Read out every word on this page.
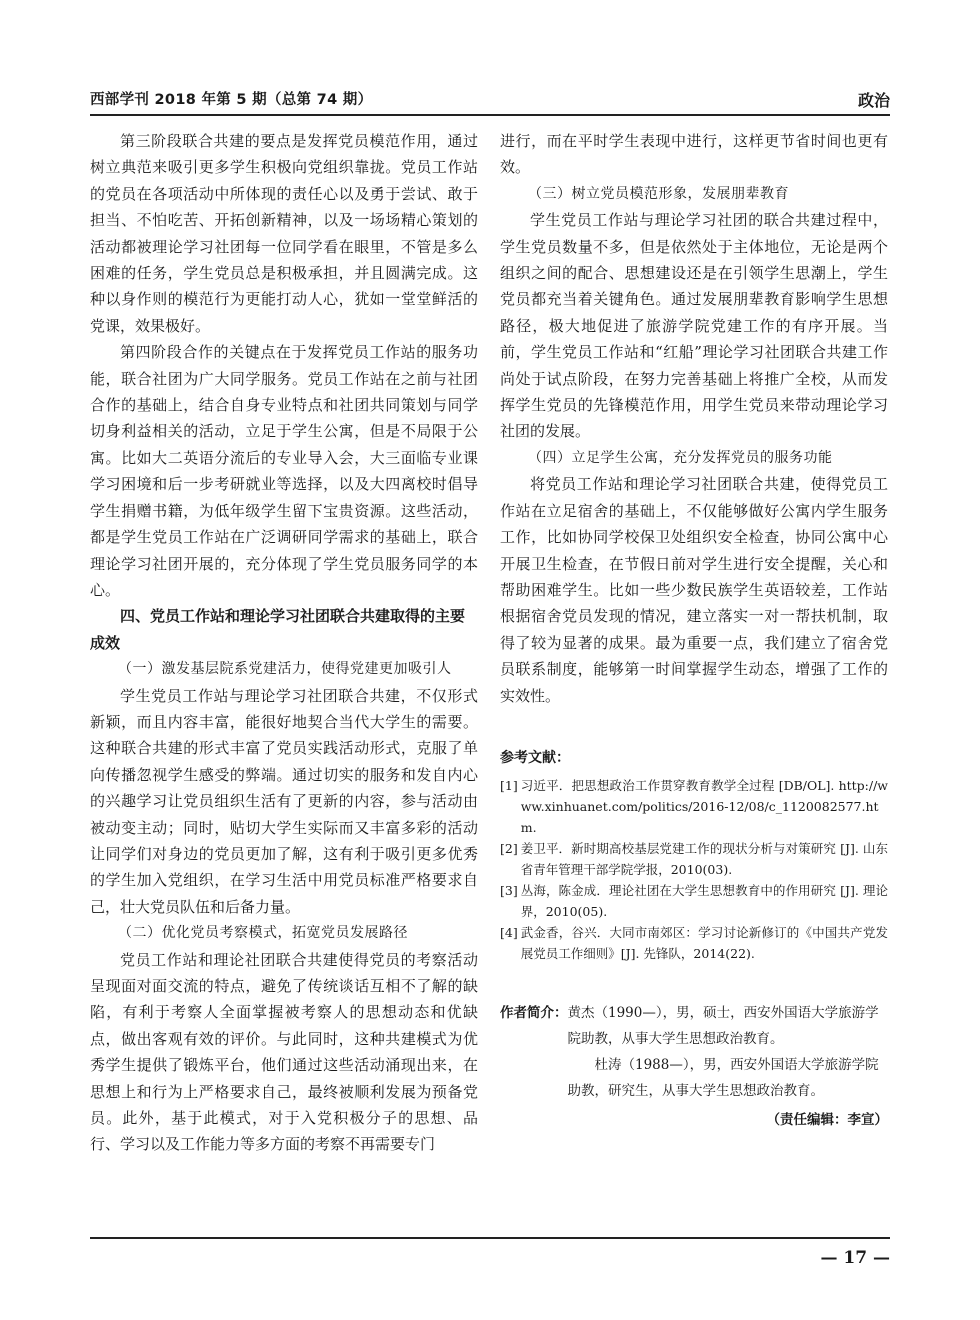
西部学刊 2018 年第 5 期（总第 74 期）	政治

第三阶段联合共建的要点是发挥党员模范作用，通过树立典范来吸引更多学生积极向党组织靠拢。党员工作站的党员在各项活动中所体现的责任心以及勇于尝试、敢于担当、不怕吃苦、开拓创新精神，以及一场场精心策划的活动都被理论学习社团每一位同学看在眼里，不管是多么困难的任务，学生党员总是积极承担，并且圆满完成。这种以身作则的模范行为更能打动人心，犹如一堂堂鲜活的党课，效果极好。

第四阶段合作的关键点在于发挥党员工作站的服务功能，联合社团为广大同学服务。党员工作站在之前与社团合作的基础上，结合自身专业特点和社团共同策划与同学切身利益相关的活动，立足于学生公寓，但是不局限于公寓。比如大二英语分流后的专业导入会，大三面临专业课学习困境和后一步考研就业等选择，以及大四离校时倡导学生捐赠书籍，为低年级学生留下宝贵资源。这些活动，都是学生党员工作站在广泛调研同学需求的基础上，联合理论学习社团开展的，充分体现了学生党员服务同学的本心。

四、党员工作站和理论学习社团联合共建取得的主要成效
（一）激发基层院系党建活力，使得党建更加吸引人

学生党员工作站与理论学习社团联合共建，不仅形式新颖，而且内容丰富，能很好地契合当代大学生的需要。这种联合共建的形式丰富了党员实践活动形式，克服了单向传播忽视学生感受的弊端。通过切实的服务和发自内心的兴趣学习让党员组织生活有了更新的内容，参与活动由被动变主动；同时，贴切大学生实际而又丰富多彩的活动让同学们对身边的党员更加了解，这有利于吸引更多优秀的学生加入党组织，在学习生活中用党员标准严格要求自己，壮大党员队伍和后备力量。

（二）优化党员考察模式，拓宽党员发展路径

党员工作站和理论社团联合共建使得党员的考察活动呈现面对面交流的特点，避免了传统谈话互相不了解的缺陷，有利于考察人全面掌握被考察人的思想动态和优缺点，做出客观有效的评价。与此同时，这种共建模式为优秀学生提供了锻炼平台，他们通过这些活动涌现出来，在思想上和行为上严格要求自己，最终被顺利发展为预备党员。此外，基于此模式，对于入党积极分子的思想、品行、学习以及工作能力等多方面的考察不再需要专门

进行，而在平时学生表现中进行，这样更节省时间也更有效。

（三）树立党员模范形象，发展朋辈教育

学生党员工作站与理论学习社团的联合共建过程中，学生党员数量不多，但是依然处于主体地位，无论是两个组织之间的配合、思想建设还是在引领学生思潮上，学生党员都充当着关键角色。通过发展朋辈教育影响学生思想路径，极大地促进了旅游学院党建工作的有序开展。当前，学生党员工作站和“红船”理论学习社团联合共建工作尚处于试点阶段，在努力完善基础上将推广全校，从而发挥学生党员的先锋模范作用，用学生党员来带动理论学习社团的发展。

（四）立足学生公寓，充分发挥党员的服务功能

将党员工作站和理论学习社团联合共建，使得党员工作站在立足宿舍的基础上，不仅能够做好公寓内学生服务工作，比如协同学校保卫处组织安全检查，协同公寓中心开展卫生检查，在节假日前对学生进行安全提醒，关心和帮助困难学生。比如一些少数民族学生英语较差，工作站根据宿舍党员发现的情况，建立落实一对一帮扶机制，取得了较为显著的成果。最为重要一点，我们建立了宿舍党员联系制度，能够第一时间掌握学生动态，增强了工作的实效性。

参考文献：
[1] 习近平．把思想政治工作贯穿教育教学全过程 [DB/OL]. http://www.xinhuanet.com/politics/2016-12/08/c_1120082577.htm.
[2] 姜卫平．新时期高校基层党建工作的现状分析与对策研究 [J]. 山东省青年管理干部学院学报，2010(03).
[3] 丛海，陈金成．理论社团在大学生思想教育中的作用研究 [J]. 理论界，2010(05).
[4] 武金香，谷兴．大同市南郊区：学习讨论新修订的《中国共产党发展党员工作细则》[J]. 先锋队，2014(22).
作者简介： 黄杰（1990—），男，硕士，西安外国语大学旅游学院助教，从事大学生思想政治教育。
杜涛（1988—），男，西安外国语大学旅游学院助教，研究生，从事大学生思想政治教育。
（责任编辑：李宣）
— 17 —
